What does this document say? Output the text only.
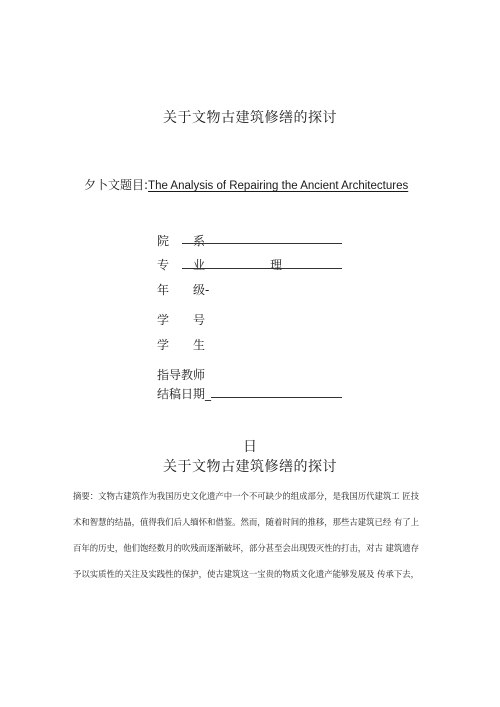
关于文物古建筑修缮的探讨
夕卜文题目:The Analysis of Repairing the Ancient Architectures
院 系
专 业	理
年 级-
学 号
学 生
指导教师
结稿日期_
日
关于文物古建筑修缮的探讨

摘要：文物古建筑作为我国历史文化遗产中一个不可缺少的组成部分，是我国历代建筑工 匠技

术和智慧的结晶，值得我们后人缅怀和借鉴。然而，随着时间的推移，那些古建筑已经 有了上

百年的历史，他们饱经数月的吹残而逐渐破坏，部分甚至会出现毁灭性的打击，对古 建筑遗存

予以实质性的关注及实践性的保护，使古建筑这一宝贵的物质文化遗产能够发展及 传承下去，
